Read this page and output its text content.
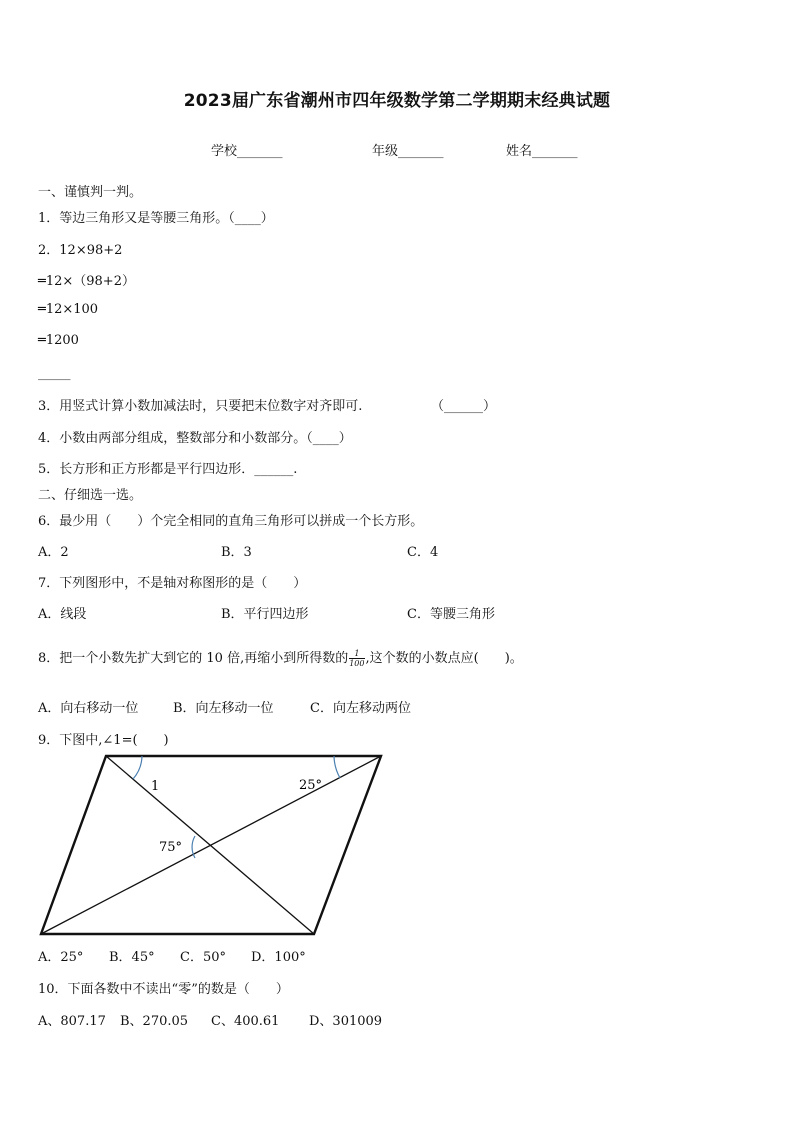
2023届广东省潮州市四年级数学第二学期期末经典试题
学校_______	年级_______	姓名_______
一、谨慎判一判。
1．等边三角形又是等腰三角形。（____）
2．12×98+2
═12×（98+2）
═12×100
═1200
_____
3．用竖式计算小数加减法时，只要把末位数字对齐即可.	（______）
4．小数由两部分组成，整数部分和小数部分。（____）
5．长方形和正方形都是平行四边形．______.
二、仔细选一选。
6．最少用（　　）个完全相同的直角三角形可以拼成一个长方形。
A．2	B．3	C．4
7．下列图形中，不是轴对称图形的是（　　）
A．线段	B．平行四边形	C．等腰三角形
8．把一个小数先扩大到它的 10 倍,再缩小到所得数的 $\frac{1}{100}$ ,这个数的小数点应(　　)。
A．向右移动一位	B．向左移动一位	C．向左移动两位
9．下图中,∠1=(　　)
1	25°
75°
A．25° B．45° C．50° D．100°
10．下面各数中不读出“零”的数是（　　）
A、807.17 B、270.05 C、400.61 D、301009
